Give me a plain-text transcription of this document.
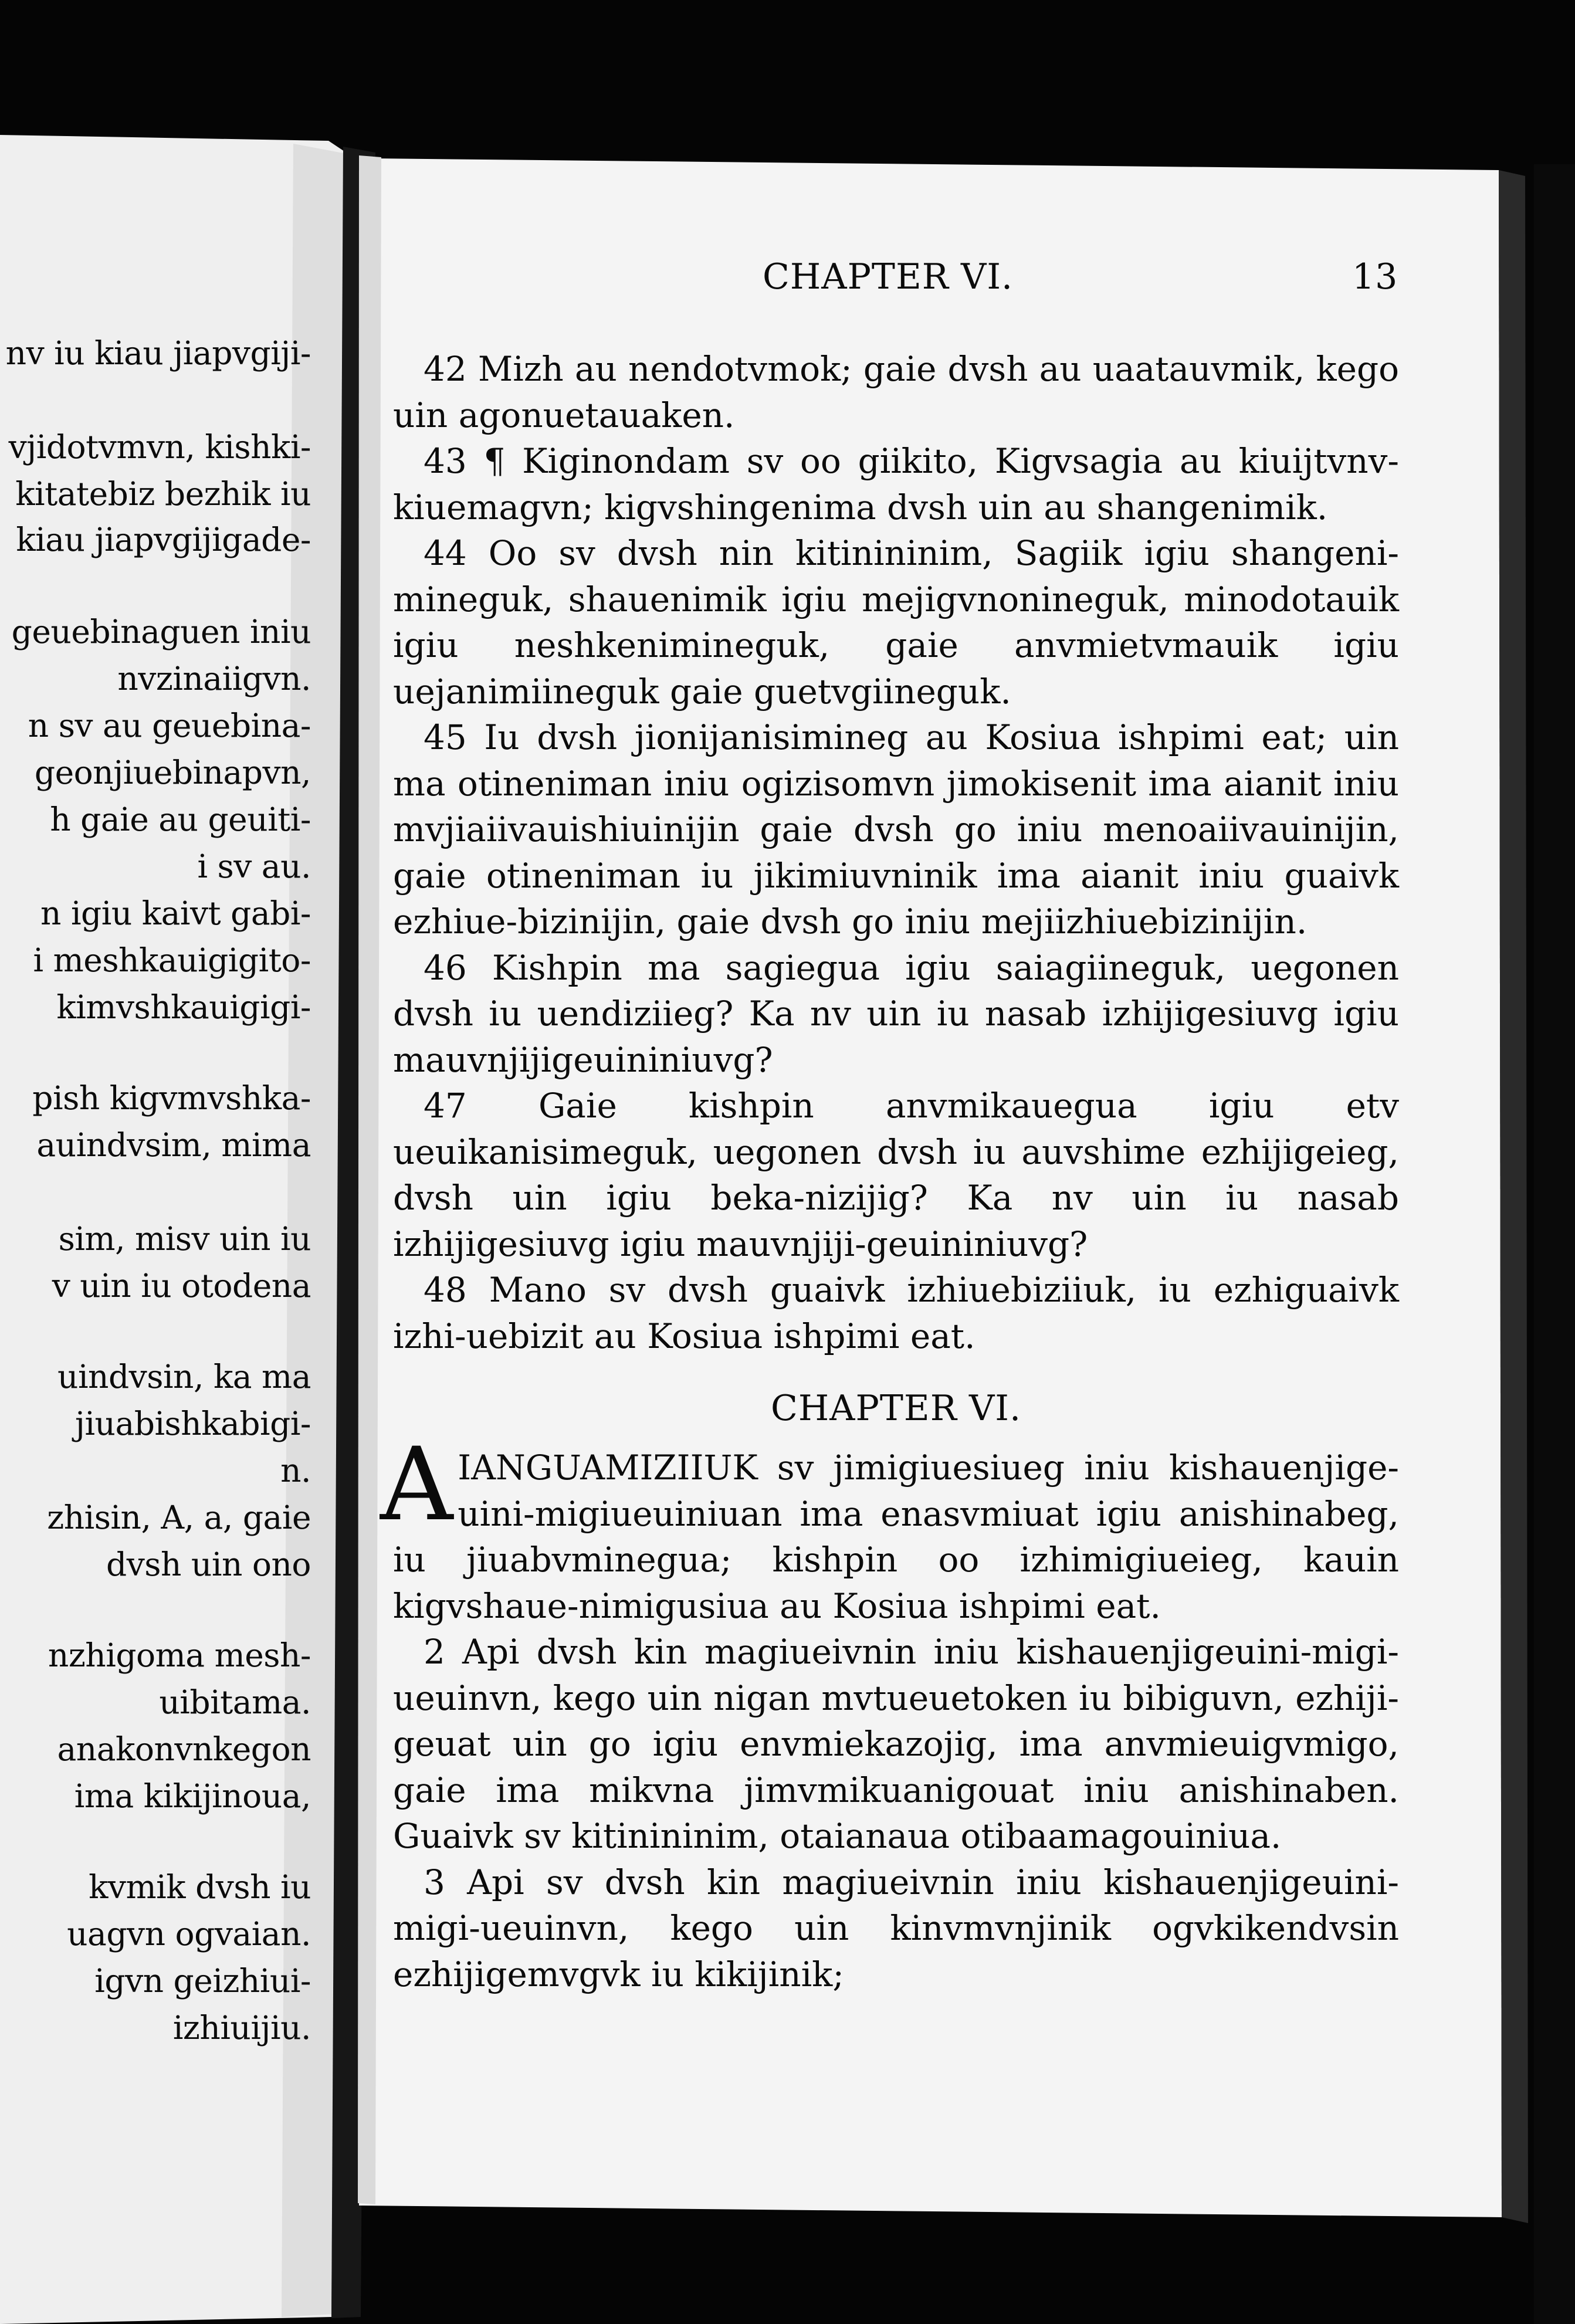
nv iu kiau jiapvgiji-
vjidotvmvn, kishki-
kitatebiz bezhik iu
kiau jiapvgijigade-
geuebinaguen iniu
nvzinaiigvn.
n sv au geuebina-
geonjiuebinapvn,
h gaie au geuiti-
i sv au.
n igiu kaivt gabi-
i meshkauigigito-
kimvshkauigigi-
pish kigvmvshka-
auindvsim, mima
sim, misv uin iu
v uin iu otodena
uindvsin, ka ma
jiuabishkabigi-
n.
zhisin, A, a, gaie
dvsh uin ono
nzhigoma mesh-
uibitama.
anakonvnkegon
ima kikijinoua,
kvmik dvsh iu
uagvn ogvaian.
igvn geizhiui-
izhiuijiu.
CHAPTER VI.	13

42 Mizh au nendotvmok; gaie dvsh au uaatauvmik, kego uin agonuetauaken.

43 ¶ Kiginondam sv oo giikito, Kigvsagia au kiuijtvnv-kiuemagvn; kigvshingenima dvsh uin au shangenimik.

44 Oo sv dvsh nin kitinininim, Sagiik igiu shangeni-mineguk, shauenimik igiu mejigvnonineguk, minodotauik igiu neshkenimineguk, gaie anvmietvmauik igiu uejanimiineguk gaie guetvgiineguk.

45 Iu dvsh jionijanisimineg au Kosiua ishpimi eat; uin ma otineniman iniu ogizisomvn jimokisenit ima aianit iniu mvjiaiivauishiuinijin gaie dvsh go iniu menoaiivauinijin, gaie otineniman iu jikimiuvninik ima aianit iniu guaivk ezhiue-bizinijin, gaie dvsh go iniu mejiizhiuebizinijin.

46 Kishpin ma sagiegua igiu saiagiineguk, uegonen dvsh iu uendiziieg? Ka nv uin iu nasab izhijigesiuvg igiu mauvnjijigeuininiuvg?

47 Gaie kishpin anvmikauegua igiu etv ueuikanisimeguk, uegonen dvsh iu auvshime ezhijigeieg, dvsh uin igiu beka-nizijig? Ka nv uin iu nasab izhijigesiuvg igiu mauvnjiji-geuininiuvg?

48 Mano sv dvsh guaivk izhiuebiziiuk, iu ezhiguaivk izhi-uebizit au Kosiua ishpimi eat.

CHAPTER VI.

AIANGUAMIZIIUK sv jimigiuesiueg iniu kishauenjige-uini-migiueuiniuan ima enasvmiuat igiu anishinabeg, iu jiuabvminegua; kishpin oo izhimigiueieg, kauin kigvshaue-nimigusiua au Kosiua ishpimi eat.

2 Api dvsh kin magiueivnin iniu kishauenjigeuini-migi-ueuinvn, kego uin nigan mvtueuetoken iu bibiguvn, ezhiji-geuat uin go igiu envmiekazojig, ima anvmieuigvmigo, gaie ima mikvna jimvmikuanigouat iniu anishinaben. Guaivk sv kitinininim, otaianaua otibaamagouiniua.

3 Api sv dvsh kin magiueivnin iniu kishauenjigeuini-migi-ueuinvn, kego uin kinvmvnjinik ogvkikendvsin ezhijigemvgvk iu kikijinik;
